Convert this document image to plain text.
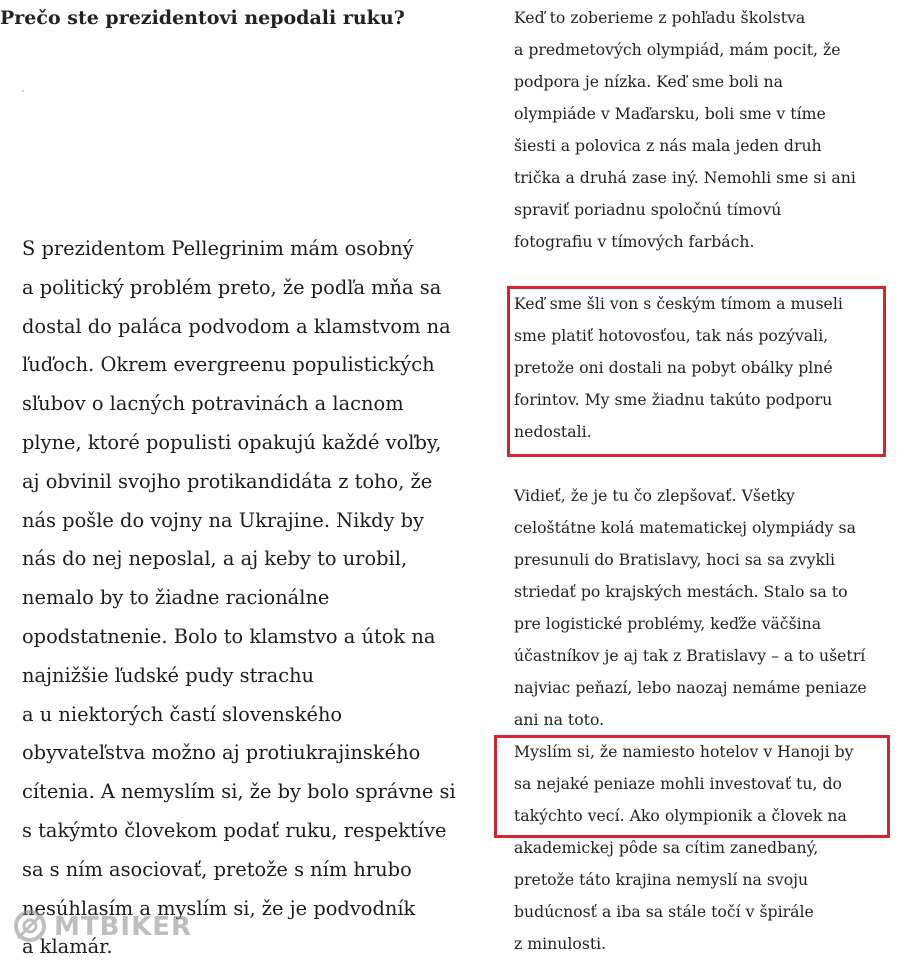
Prečo ste prezidentovi nepodali ruku?

S prezidentom Pellegrinim mám osobný
a politický problém preto, že podľa mňa sa
dostal do paláca podvodom a klamstvom na
ľuďoch. Okrem evergreenu populistických
sľubov o lacných potravinách a lacnom
plyne, ktoré populisti opakujú každé voľby,
aj obvinil svojho protikandidáta z toho, že
nás pošle do vojny na Ukrajine. Nikdy by
nás do nej neposlal, a aj keby to urobil,
nemalo by to žiadne racionálne
opodstatnenie. Bolo to klamstvo a útok na
najnižšie ľudské pudy strachu
a u niektorých častí slovenského
obyvateľstva možno aj protiukrajinského
cítenia. A nemyslím si, že by bolo správne si
s takýmto človekom podať ruku, respektíve
sa s ním asociovať, pretože s ním hrubo
nesúhlasím a myslím si, že je podvodník
a klamár.

Keď to zoberieme z pohľadu školstva
a predmetových olympiád, mám pocit, že
podpora je nízka. Keď sme boli na
olympiáde v Maďarsku, boli sme v tíme
šiesti a polovica z nás mala jeden druh
trička a druhá zase iný. Nemohli sme si ani
spraviť poriadnu spoločnú tímovú
fotografiu v tímových farbách.

Keď sme šli von s českým tímom a museli
sme platiť hotovosťou, tak nás pozývali,
pretože oni dostali na pobyt obálky plné
forintov. My sme žiadnu takúto podporu
nedostali.

Vidieť, že je tu čo zlepšovať. Všetky
celoštátne kolá matematickej olympiády sa
presunuli do Bratislavy, hoci sa sa zvykli
striedať po krajských mestách. Stalo sa to
pre logistické problémy, keďže väčšina
účastníkov je aj tak z Bratislavy – a to ušetrí
najviac peňazí, lebo naozaj nemáme peniaze
ani na toto.

Myslím si, že namiesto hotelov v Hanoji by
sa nejaké peniaze mohli investovať tu, do
takýchto vecí. Ako olympionik a človek na
akademickej pôde sa cítim zanedbaný,
pretože táto krajina nemyslí na svoju
budúcnosť a iba sa stále točí v špirále
z minulosti.

MTBIKER
